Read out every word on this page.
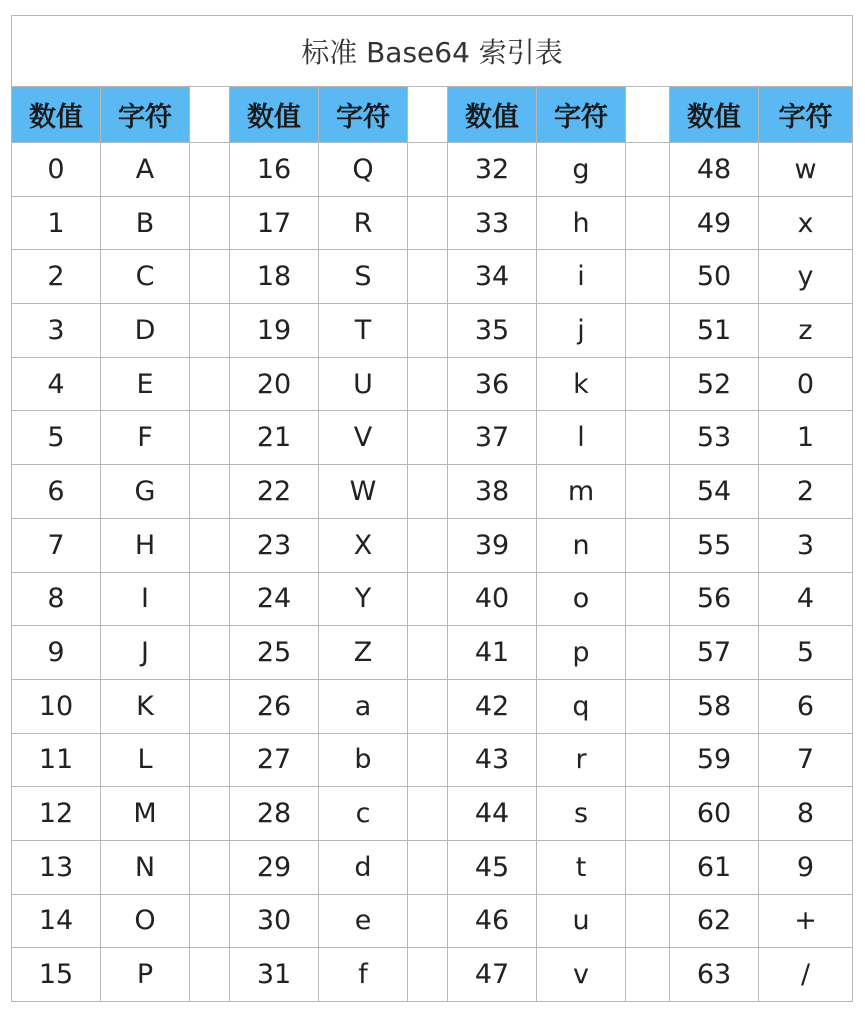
标准 Base64 索引表										
数值	字符		数值	字符		数值	字符		数值	字符
0	A		16	Q		32	g		48	w
1	B		17	R		33	h		49	x
2	C		18	S		34	i		50	y
3	D		19	T		35	j		51	z
4	E		20	U		36	k		52	0
5	F		21	V		37	l		53	1
6	G		22	W		38	m		54	2
7	H		23	X		39	n		55	3
8	I		24	Y		40	o		56	4
9	J		25	Z		41	p		57	5
10	K		26	a		42	q		58	6
11	L		27	b		43	r		59	7
12	M		28	c		44	s		60	8
13	N		29	d		45	t		61	9
14	O		30	e		46	u		62	+
15	P		31	f		47	v		63	/
